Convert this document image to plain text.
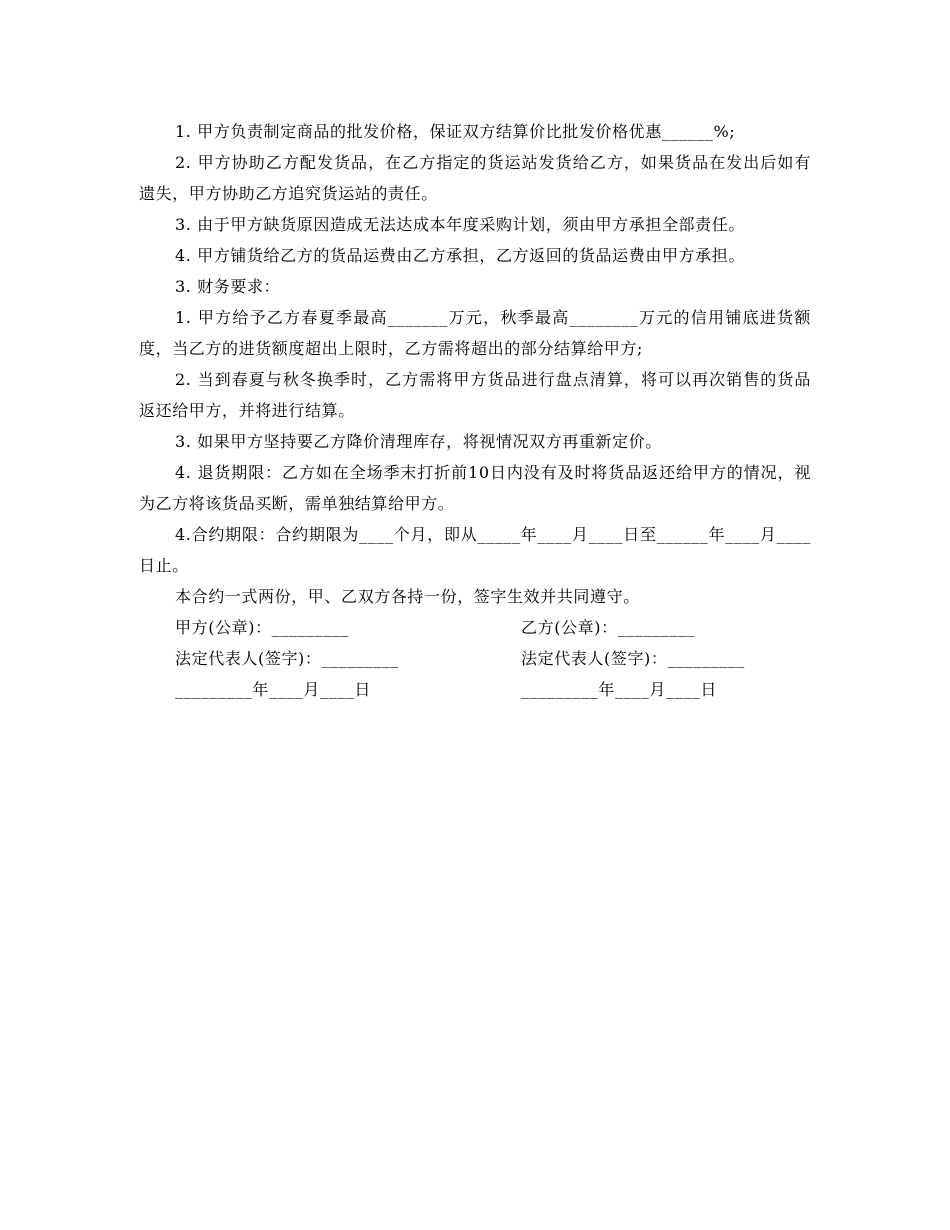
1. 甲方负责制定商品的批发价格，保证双方结算价比批发价格优惠______%;

2. 甲方协助乙方配发货品，在乙方指定的货运站发货给乙方，如果货品在发出后如有遗失，甲方协助乙方追究货运站的责任。

3. 由于甲方缺货原因造成无法达成本年度采购计划，须由甲方承担全部责任。

4. 甲方铺货给乙方的货品运费由乙方承担，乙方返回的货品运费由甲方承担。

3. 财务要求：

1. 甲方给予乙方春夏季最高_______万元，秋季最高________万元的信用铺底进货额度，当乙方的进货额度超出上限时，乙方需将超出的部分结算给甲方;

2. 当到春夏与秋冬换季时，乙方需将甲方货品进行盘点清算，将可以再次销售的货品返还给甲方，并将进行结算。

3. 如果甲方坚持要乙方降价清理库存，将视情况双方再重新定价。

4. 退货期限：乙方如在全场季末打折前10日内没有及时将货品返还给甲方的情况，视为乙方将该货品买断，需单独结算给甲方。

4.合约期限：合约期限为____个月，即从_____年____月____日至______年____月____日止。

本合约一式两份，甲、乙双方各持一份，签字生效并共同遵守。

甲方(公章)：_________	乙方(公章)：_________
法定代表人(签字)：_________	法定代表人(签字)：_________
_________年____月____日	_________年____月____日
